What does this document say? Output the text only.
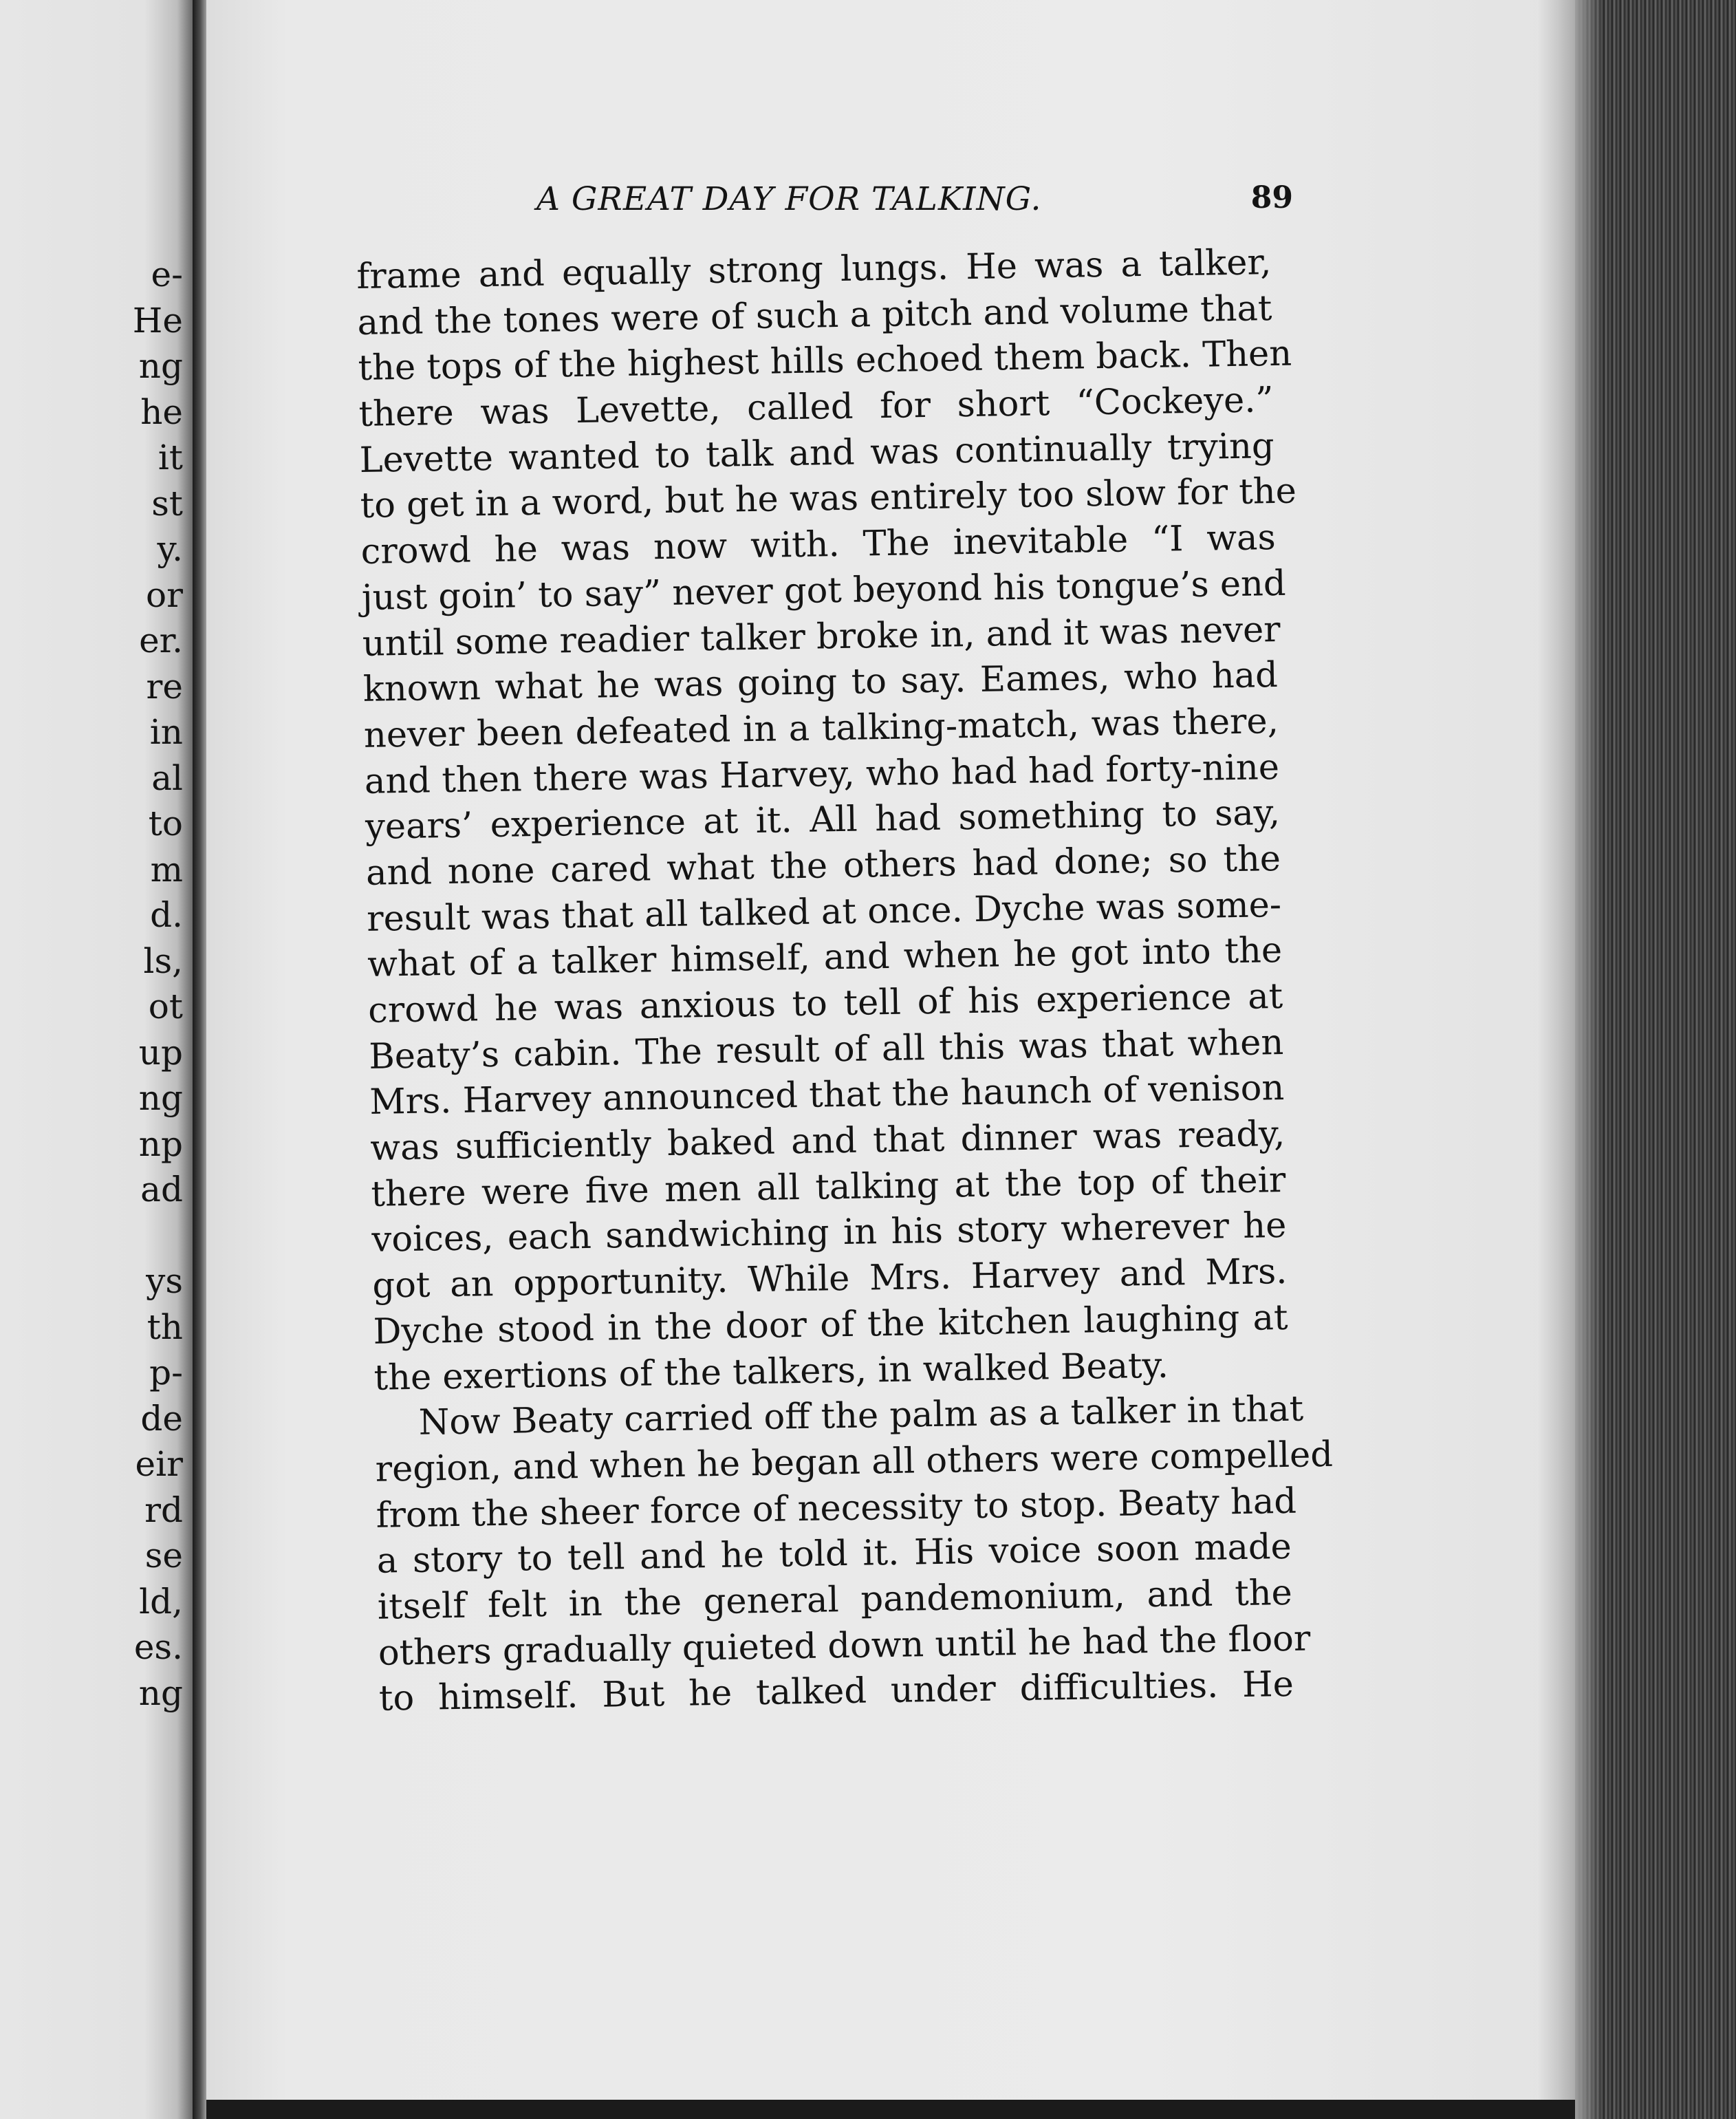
e-
He
ng
he
it
st
y.
or
er.
re
in
al
to
m
d.
ls,
ot
up
ng
np
ad
ys
th
p-
de
eir
rd
se
ld,
es.
ng
A GREAT DAY FOR TALKING.	89
frame and equally strong lungs. He was a talker,
and the tones were of such a pitch and volume that
the tops of the highest hills echoed them back. Then
there was Levette, called for short “Cockeye.”
Levette wanted to talk and was continually trying
to get in a word, but he was entirely too slow for the
crowd he was now with. The inevitable “I was
just goin’ to say” never got beyond his tongue’s end
until some readier talker broke in, and it was never
known what he was going to say. Eames, who had
never been defeated in a talking-match, was there,
and then there was Harvey, who had had forty-nine
years’ experience at it. All had something to say,
and none cared what the others had done; so the
result was that all talked at once. Dyche was some-
what of a talker himself, and when he got into the
crowd he was anxious to tell of his experience at
Beaty’s cabin. The result of all this was that when
Mrs. Harvey announced that the haunch of venison
was sufficiently baked and that dinner was ready,
there were five men all talking at the top of their
voices, each sandwiching in his story wherever he
got an opportunity. While Mrs. Harvey and Mrs.
Dyche stood in the door of the kitchen laughing at
the exertions of the talkers, in walked Beaty.
Now Beaty carried off the palm as a talker in that
region, and when he began all others were compelled
from the sheer force of necessity to stop. Beaty had
a story to tell and he told it. His voice soon made
itself felt in the general pandemonium, and the
others gradually quieted down until he had the floor
to himself. But he talked under difficulties. He
